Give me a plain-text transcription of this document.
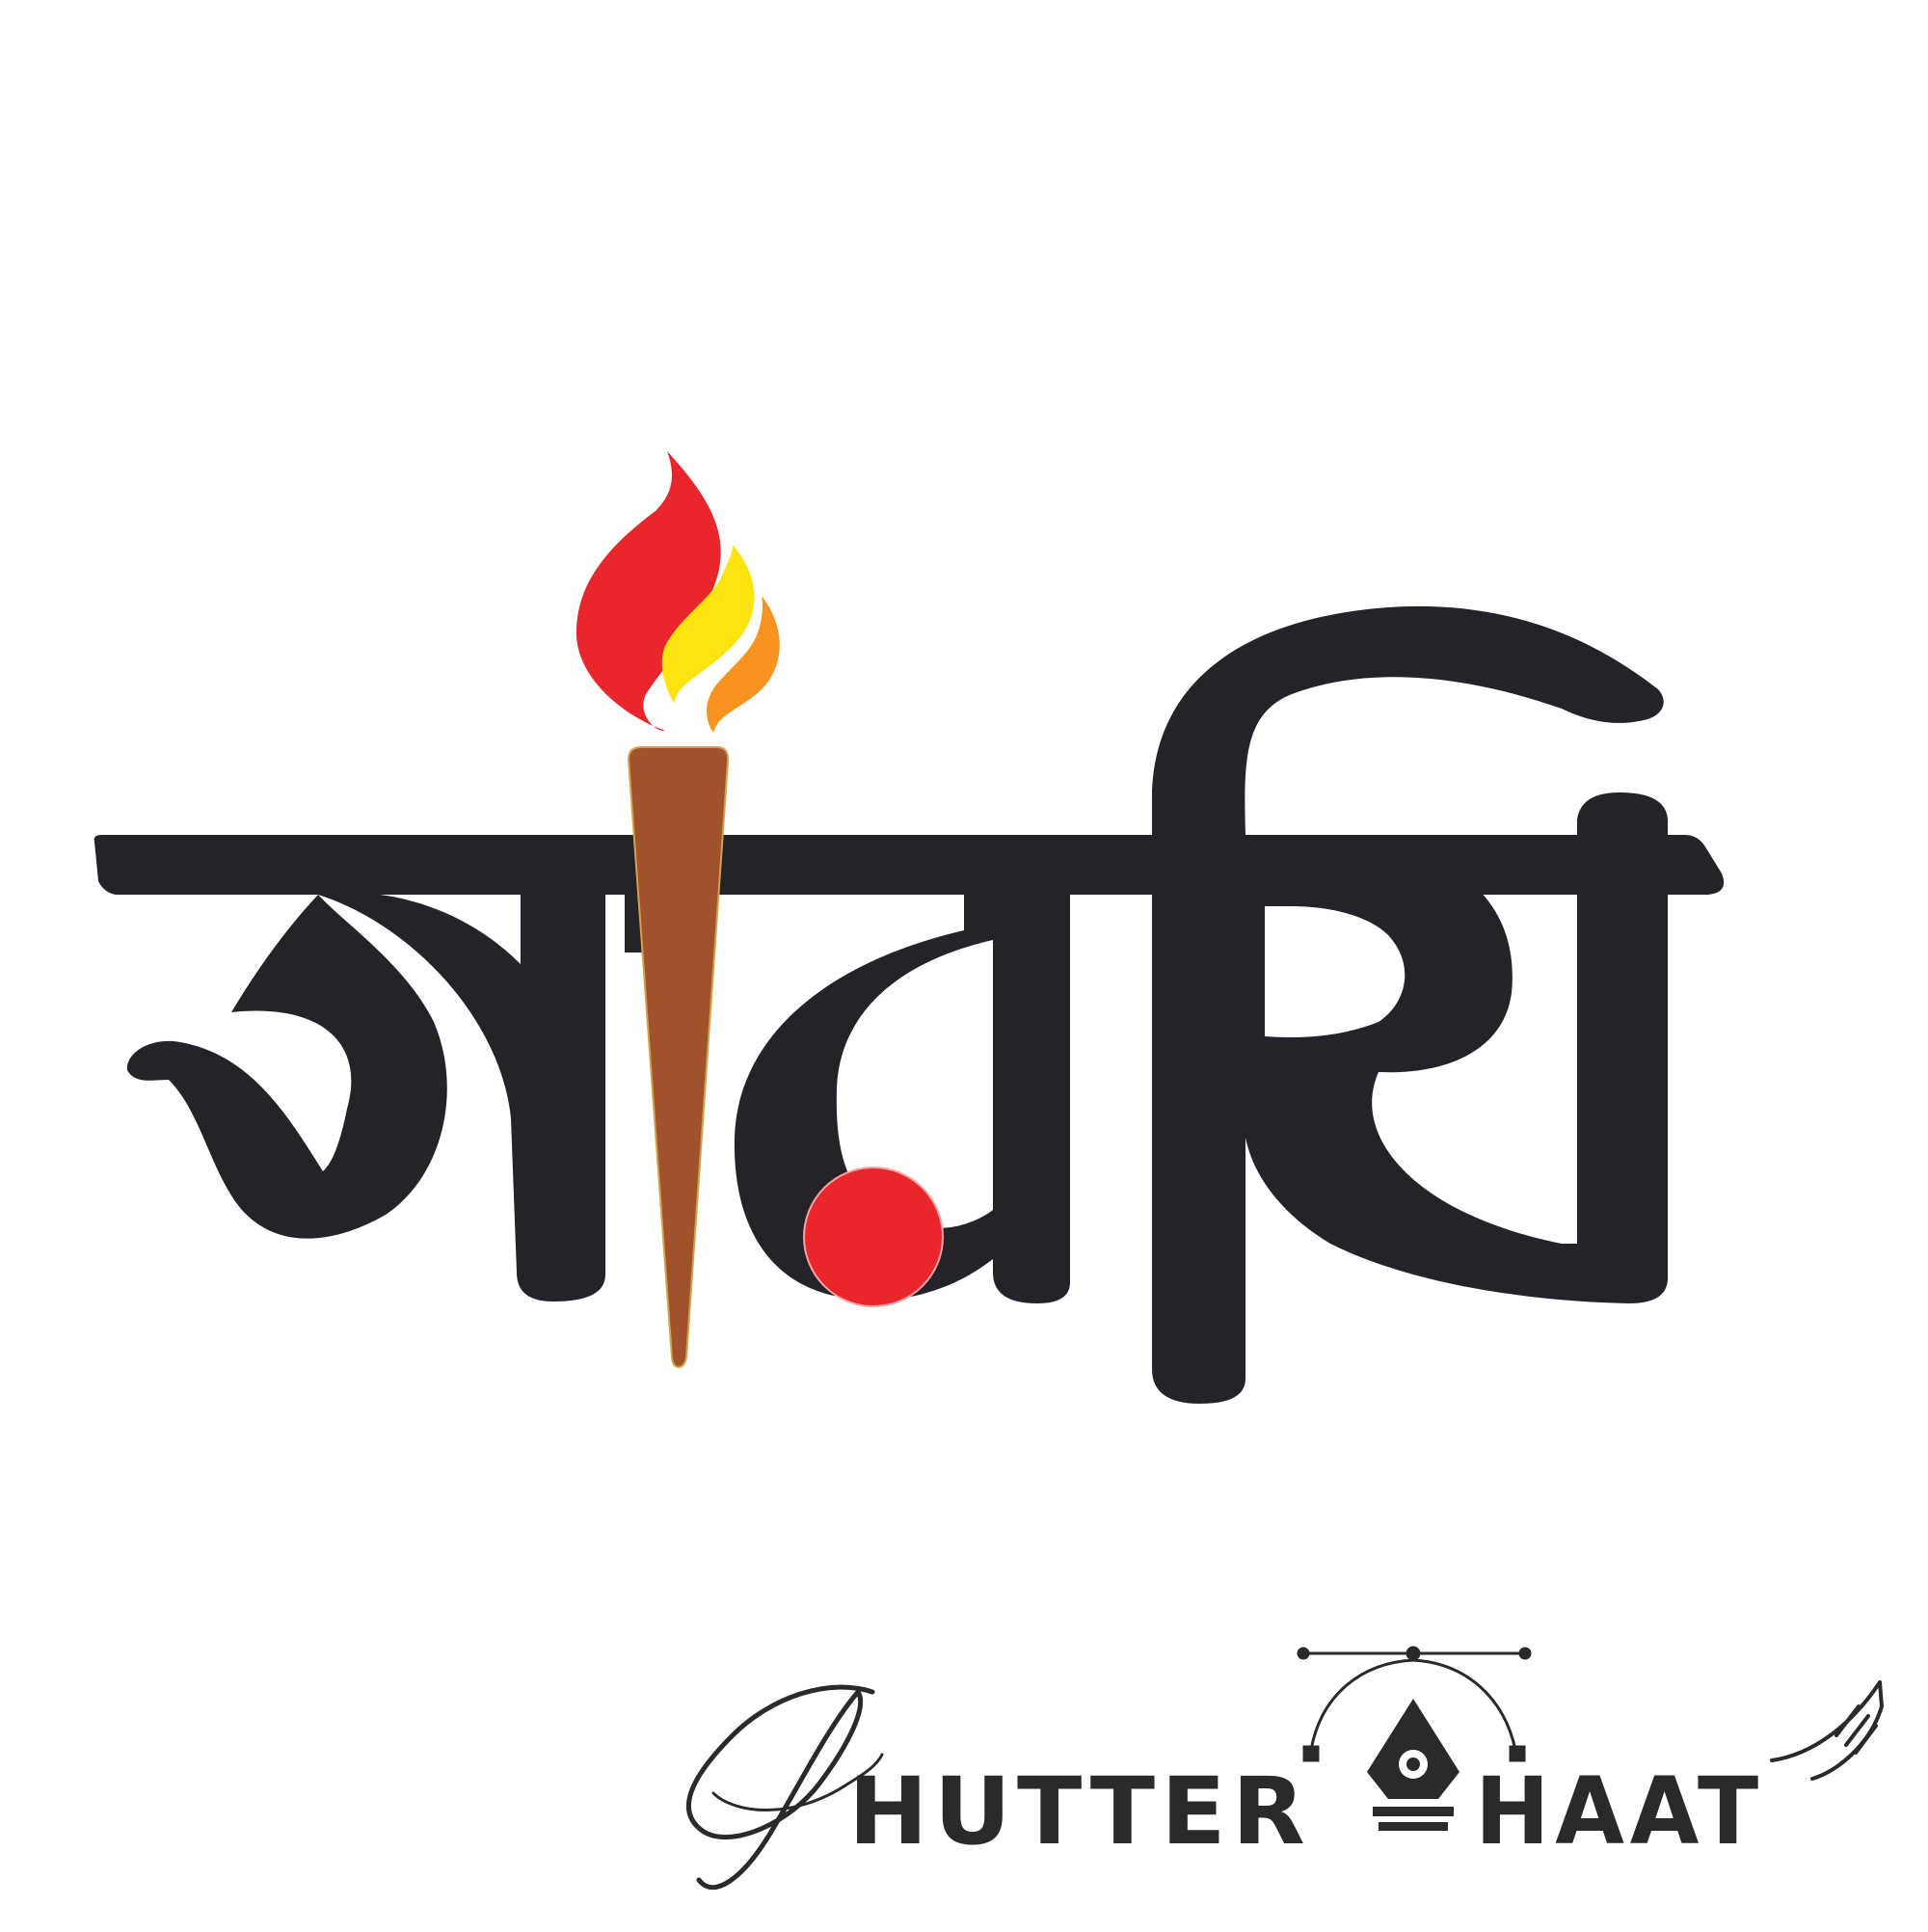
HUTTER HAAT
